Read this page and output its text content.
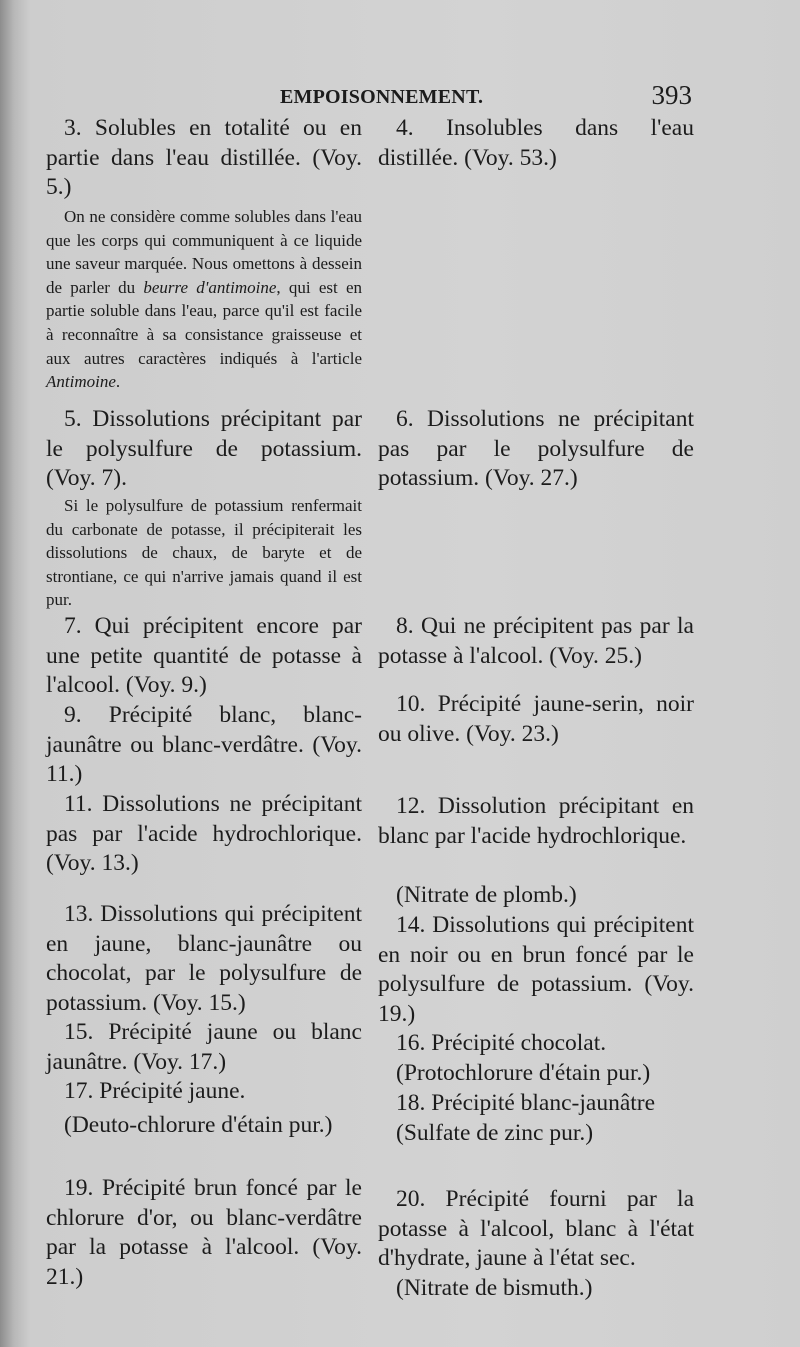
EMPOISONNEMENT.	393

3. Solubles en totalité ou en partie dans l'eau distillée. (Voy. 5.)

On ne considère comme solubles dans l'eau que les corps qui communiquent à ce liquide une saveur marquée. Nous omettons à dessein de parler du beurre d'antimoine, qui est en partie soluble dans l'eau, parce qu'il est facile à reconnaître à sa consistance graisseuse et aux autres caractères indiqués à l'article Antimoine.

5. Dissolutions précipitant par le polysulfure de potassium. (Voy. 7).

Si le polysulfure de potassium renfermait du carbonate de potasse, il précipiterait les dissolutions de chaux, de baryte et de strontiane, ce qui n'arrive jamais quand il est pur.

7. Qui précipitent encore par une petite quantité de potasse à l'alcool. (Voy. 9.)

9. Précipité blanc, blanc-jaunâtre ou blanc-verdâtre. (Voy. 11.)

11. Dissolutions ne précipitant pas par l'acide hydrochlorique. (Voy. 13.)

13. Dissolutions qui précipitent en jaune, blanc-jaunâtre ou chocolat, par le polysulfure de potassium. (Voy. 15.)

15. Précipité jaune ou blanc jaunâtre. (Voy. 17.)

17. Précipité jaune.

(Deuto-chlorure d'étain pur.)

19. Précipité brun foncé par le chlorure d'or, ou blanc-verdâtre par la potasse à l'alcool. (Voy. 21.)

4. Insolubles dans l'eau distillée. (Voy. 53.)

6. Dissolutions ne précipitant pas par le polysulfure de potassium. (Voy. 27.)

8. Qui ne précipitent pas par la potasse à l'alcool. (Voy. 25.)

10. Précipité jaune-serin, noir ou olive. (Voy. 23.)

12. Dissolution précipitant en blanc par l'acide hydrochlorique.

(Nitrate de plomb.)

14. Dissolutions qui précipitent en noir ou en brun foncé par le polysulfure de potassium. (Voy. 19.)

16. Précipité chocolat.

(Protochlorure d'étain pur.)

18. Précipité blanc-jaunâtre

(Sulfate de zinc pur.)

20. Précipité fourni par la potasse à l'alcool, blanc à l'état d'hydrate, jaune à l'état sec.

(Nitrate de bismuth.)
